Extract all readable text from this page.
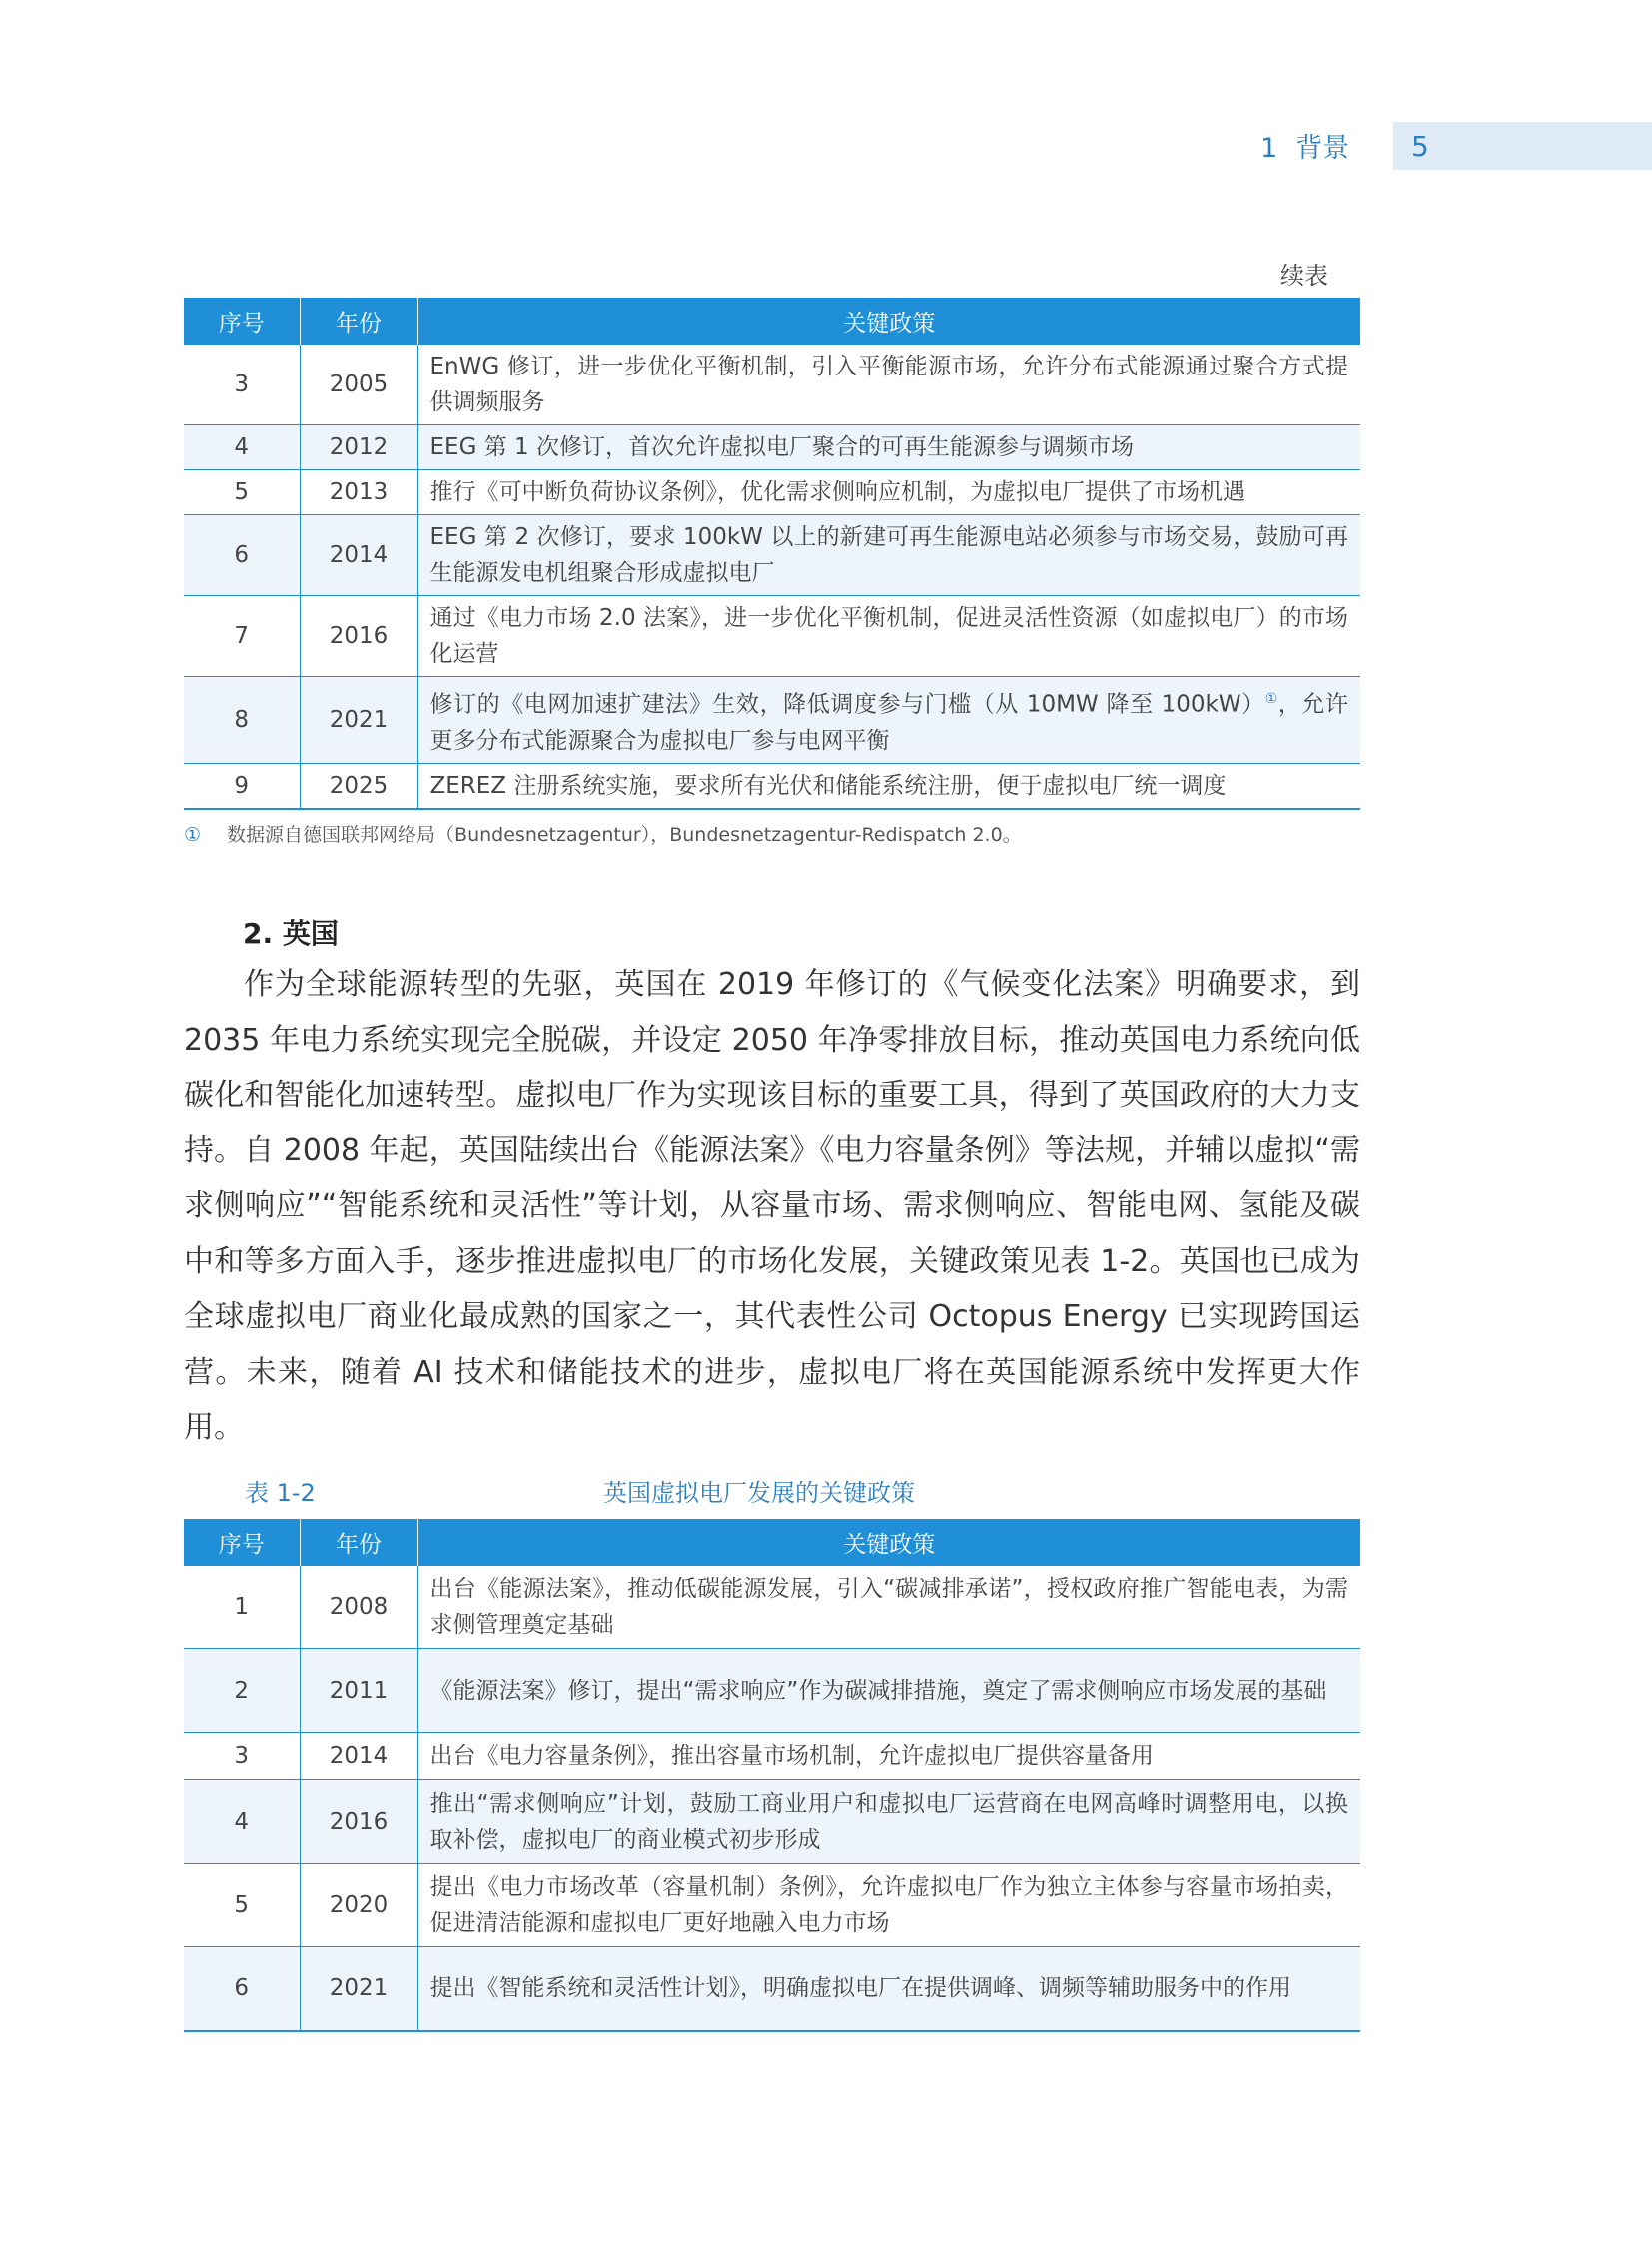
1 背景	5
续表
序号	年份	关键政策
3	2005	EnWG 修订，进一步优化平衡机制，引入平衡能源市场，允许分布式能源通过聚合方式提供调频服务
4	2012	EEG 第 1 次修订，首次允许虚拟电厂聚合的可再生能源参与调频市场
5	2013	推行《可中断负荷协议条例》，优化需求侧响应机制，为虚拟电厂提供了市场机遇
6	2014	EEG 第 2 次修订，要求 100kW 以上的新建可再生能源电站必须参与市场交易，鼓励可再生能源发电机组聚合形成虚拟电厂
7	2016	通过《电力市场 2.0 法案》，进一步优化平衡机制，促进灵活性资源（如虚拟电厂）的市场化运营
8	2021	修订的《电网加速扩建法》生效，降低调度参与门槛（从 10MW 降至 100kW）①，允许更多分布式能源聚合为虚拟电厂参与电网平衡
9	2025	ZEREZ 注册系统实施，要求所有光伏和储能系统注册，便于虚拟电厂统一调度
① 数据源自德国联邦网络局（Bundesnetzagentur），Bundesnetzagentur-Redispatch 2.0。
2. 英国

作为全球能源转型的先驱，英国在 2019 年修订的《气候变化法案》明确要求，到 2035 年电力系统实现完全脱碳，并设定 2050 年净零排放目标，推动英国电力系统向低碳化和智能化加速转型。虚拟电厂作为实现该目标的重要工具，得到了英国政府的大力支持。自 2008 年起，英国陆续出台《能源法案》《电力容量条例》等法规，并辅以虚拟“需求侧响应”“智能系统和灵活性”等计划，从容量市场、需求侧响应、智能电网、氢能及碳中和等多方面入手，逐步推进虚拟电厂的市场化发展，关键政策见表 1-2。英国也已成为全球虚拟电厂商业化最成熟的国家之一，其代表性公司 Octopus Energy 已实现跨国运营。未来，随着 AI 技术和储能技术的进步，虚拟电厂将在英国能源系统中发挥更大作用。

表 1-2	英国虚拟电厂发展的关键政策
序号	年份	关键政策
1	2008	出台《能源法案》，推动低碳能源发展，引入“碳减排承诺”，授权政府推广智能电表，为需求侧管理奠定基础
2	2011	《能源法案》修订，提出“需求响应”作为碳减排措施，奠定了需求侧响应市场发展的基础
3	2014	出台《电力容量条例》，推出容量市场机制，允许虚拟电厂提供容量备用
4	2016	推出“需求侧响应”计划，鼓励工商业用户和虚拟电厂运营商在电网高峰时调整用电，以换取补偿，虚拟电厂的商业模式初步形成
5	2020	提出《电力市场改革（容量机制）条例》，允许虚拟电厂作为独立主体参与容量市场拍卖，促进清洁能源和虚拟电厂更好地融入电力市场
6	2021	提出《智能系统和灵活性计划》，明确虚拟电厂在提供调峰、调频等辅助服务中的作用
